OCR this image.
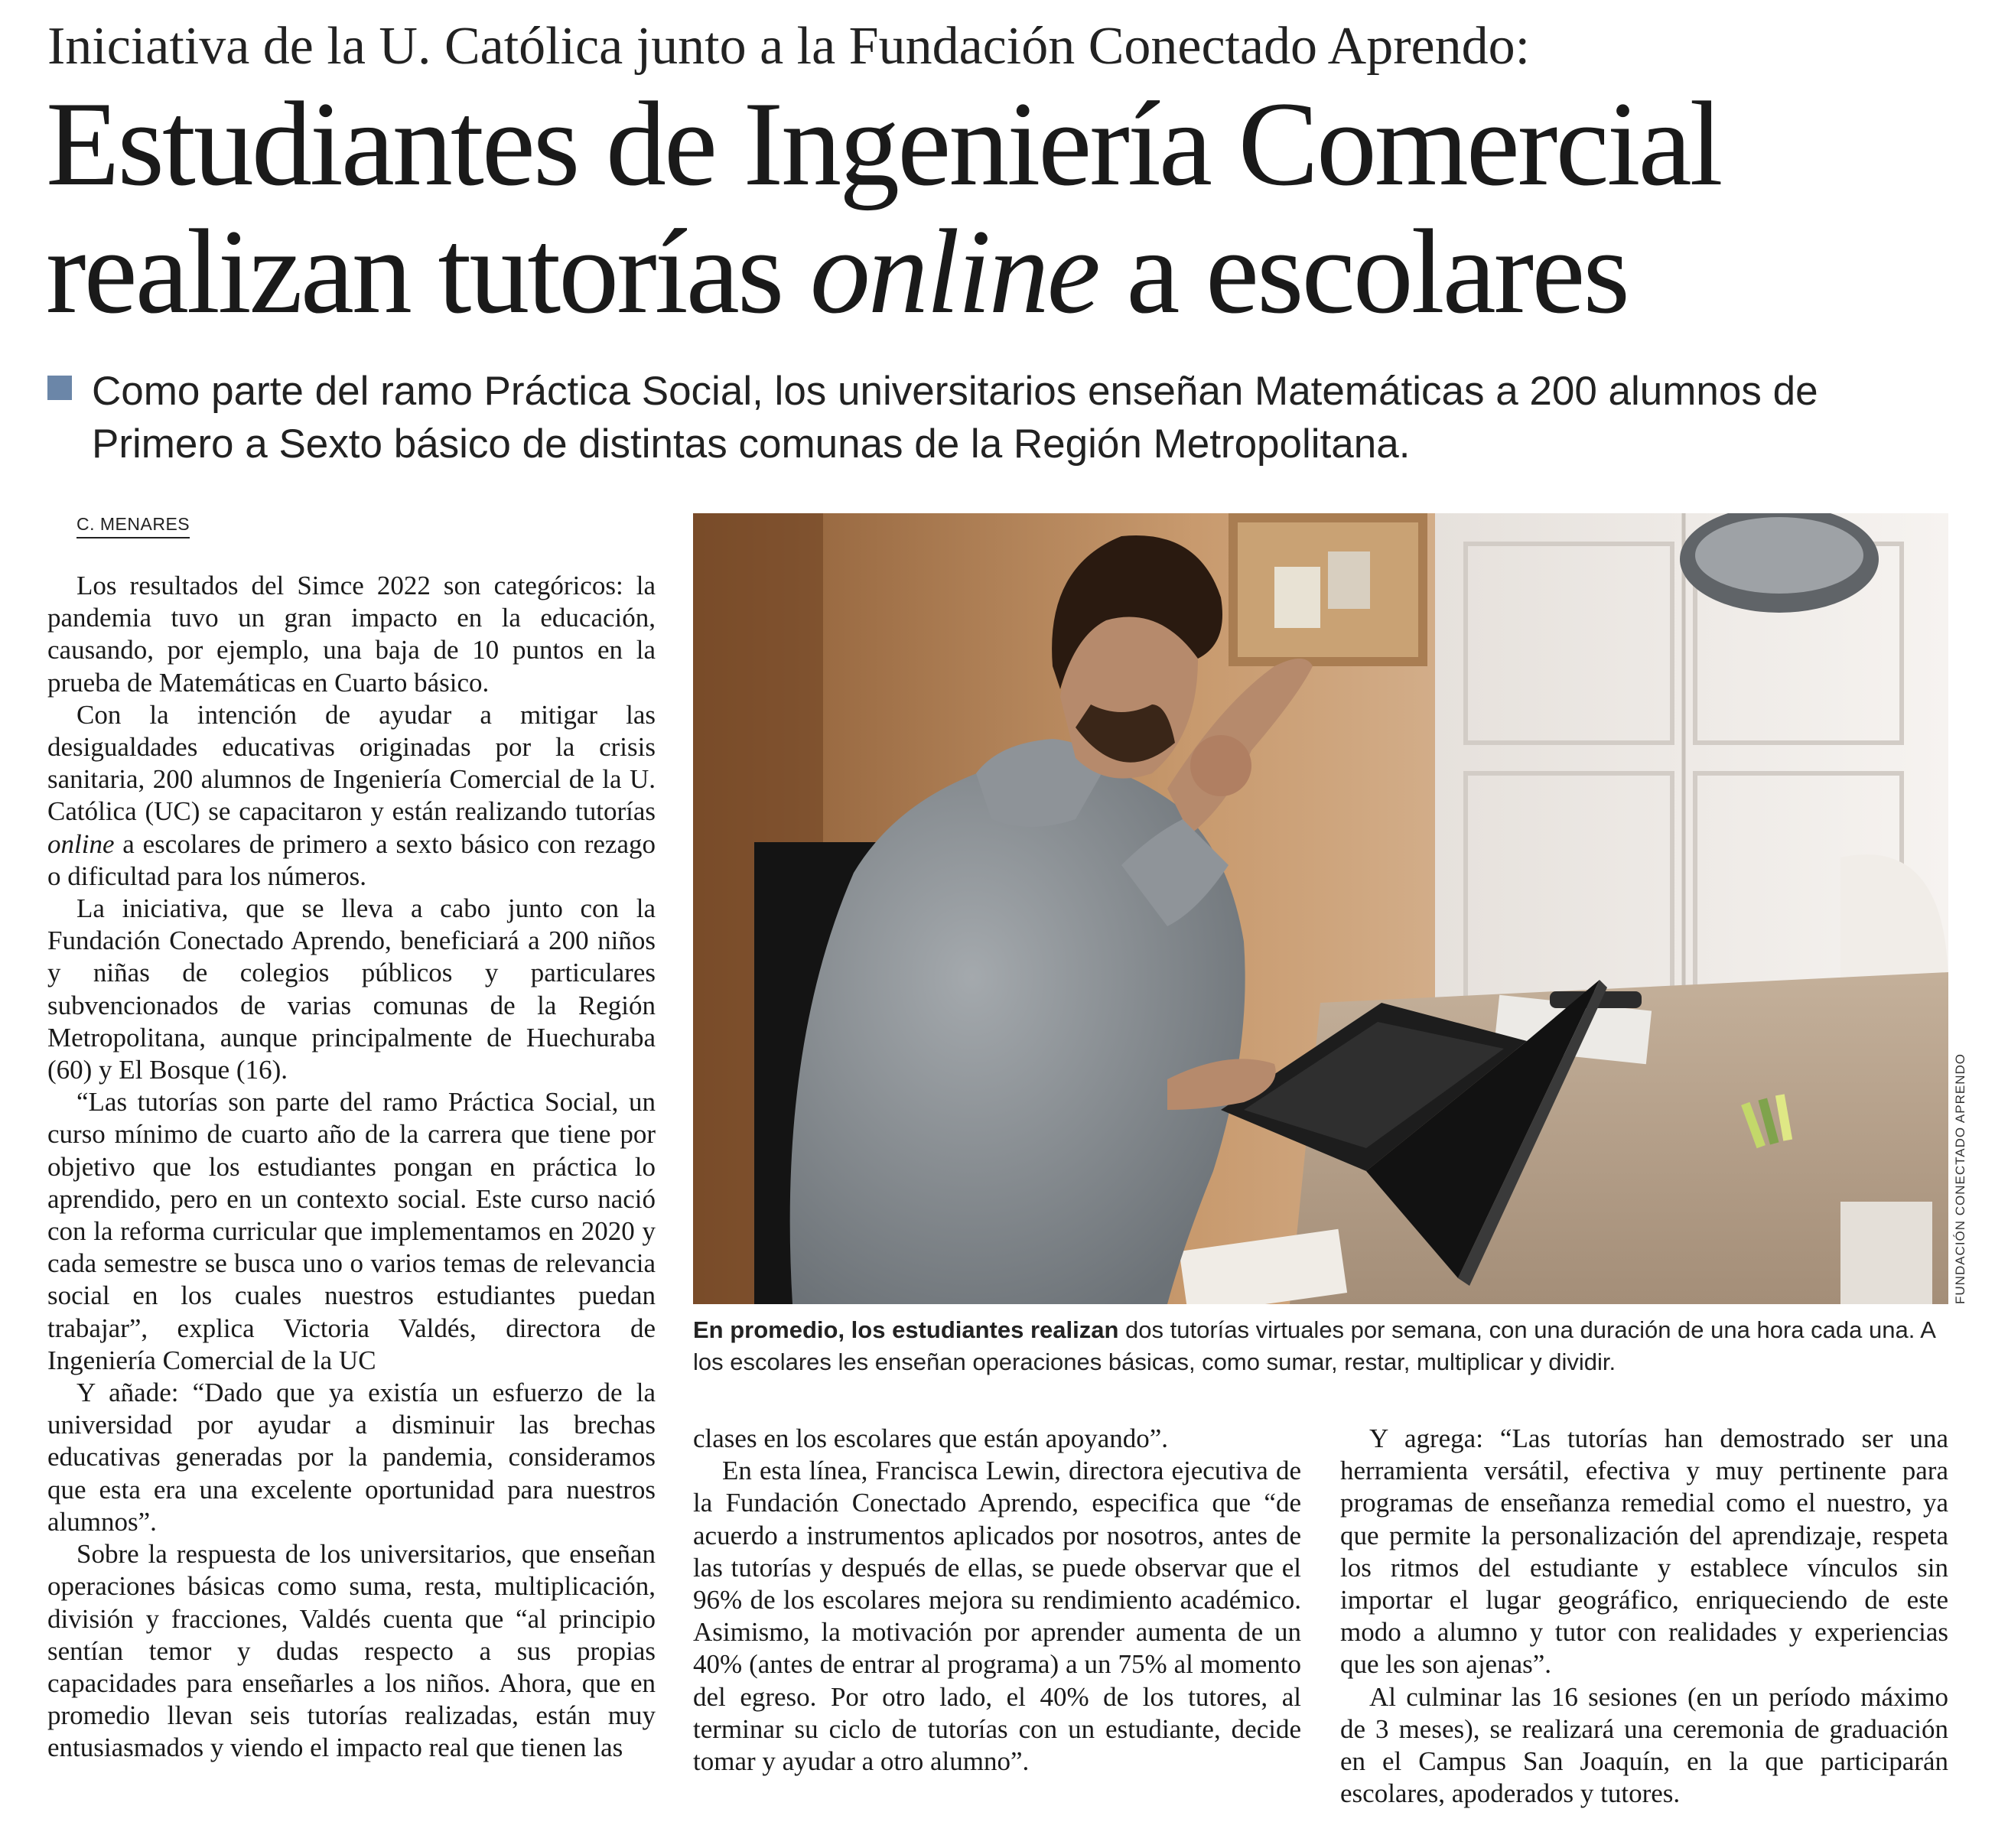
Iniciativa de la U. Católica junto a la Fundación Conectado Aprendo:
Estudiantes de Ingeniería Comercial
realizan tutorías online a escolares
Como parte del ramo Práctica Social, los universitarios enseñan Matemáticas a 200 alumnos de
Primero a Sexto básico de distintas comunas de la Región Metropolitana.
C. MENARES

Los resultados del Simce 2022 son categóricos: la pandemia tuvo un gran impacto en la educación, causando, por ejemplo, una baja de 10 puntos en la prueba de Matemáticas en Cuarto básico.

Con la intención de ayudar a mitigar las desigualdades educativas originadas por la crisis sanitaria, 200 alumnos de Ingeniería Comercial de la U. Católica (UC) se capacitaron y están realizando tutorías online a escolares de primero a sexto básico con rezago o dificultad para los números.

La iniciativa, que se lleva a cabo junto con la Fundación Conectado Aprendo, beneficiará a 200 niños y niñas de colegios públicos y particulares subvencionados de varias comunas de la Región Metropolitana, aunque principalmente de Huechuraba (60) y El Bosque (16).

“Las tutorías son parte del ramo Práctica Social, un curso mínimo de cuarto año de la carrera que tiene por objetivo que los estudiantes pongan en práctica lo aprendido, pero en un contexto social. Este curso nació con la reforma curricular que implementamos en 2020 y cada semestre se busca uno o varios temas de relevancia social en los cuales nuestros estudiantes puedan trabajar”, explica Victoria Valdés, directora de Ingeniería Comercial de la UC

Y añade: “Dado que ya existía un esfuerzo de la universidad por ayudar a disminuir las brechas educativas generadas por la pandemia, consideramos que esta era una excelente oportunidad para nuestros alumnos”.

Sobre la respuesta de los universitarios, que enseñan operaciones básicas como suma, resta, multiplicación, división y fracciones, Valdés cuenta que “al principio sentían temor y dudas respecto a sus propias capacidades para enseñarles a los niños. Ahora, que en promedio llevan seis tutorías realizadas, están muy entusiasmados y viendo el impacto real que tienen las

FUNDACIÓN CONECTADO APRENDO
En promedio, los estudiantes realizan dos tutorías virtuales por semana, con una duración de una hora cada una. A los escolares les enseñan operaciones básicas, como sumar, restar, multiplicar y dividir.

clases en los escolares que están apoyando”.

En esta línea, Francisca Lewin, directora ejecutiva de la Fundación Conectado Aprendo, especifica que “de acuerdo a instrumentos aplicados por nosotros, antes de las tutorías y después de ellas, se puede observar que el 96% de los escolares mejora su rendimiento académico. Asimismo, la motivación por aprender aumenta de un 40% (antes de entrar al programa) a un 75% al momento del egreso. Por otro lado, el 40% de los tutores, al terminar su ciclo de tutorías con un estudiante, decide tomar y ayudar a otro alumno”.

Y agrega: “Las tutorías han demostrado ser una herramienta versátil, efectiva y muy pertinente para programas de enseñanza remedial como el nuestro, ya que permite la personalización del aprendizaje, respeta los ritmos del estudiante y establece vínculos sin importar el lugar geográfico, enriqueciendo de este modo a alumno y tutor con realidades y experiencias que les son ajenas”.

Al culminar las 16 sesiones (en un período máximo de 3 meses), se realizará una ceremonia de graduación en el Campus San Joaquín, en la que participarán escolares, apoderados y tutores.
